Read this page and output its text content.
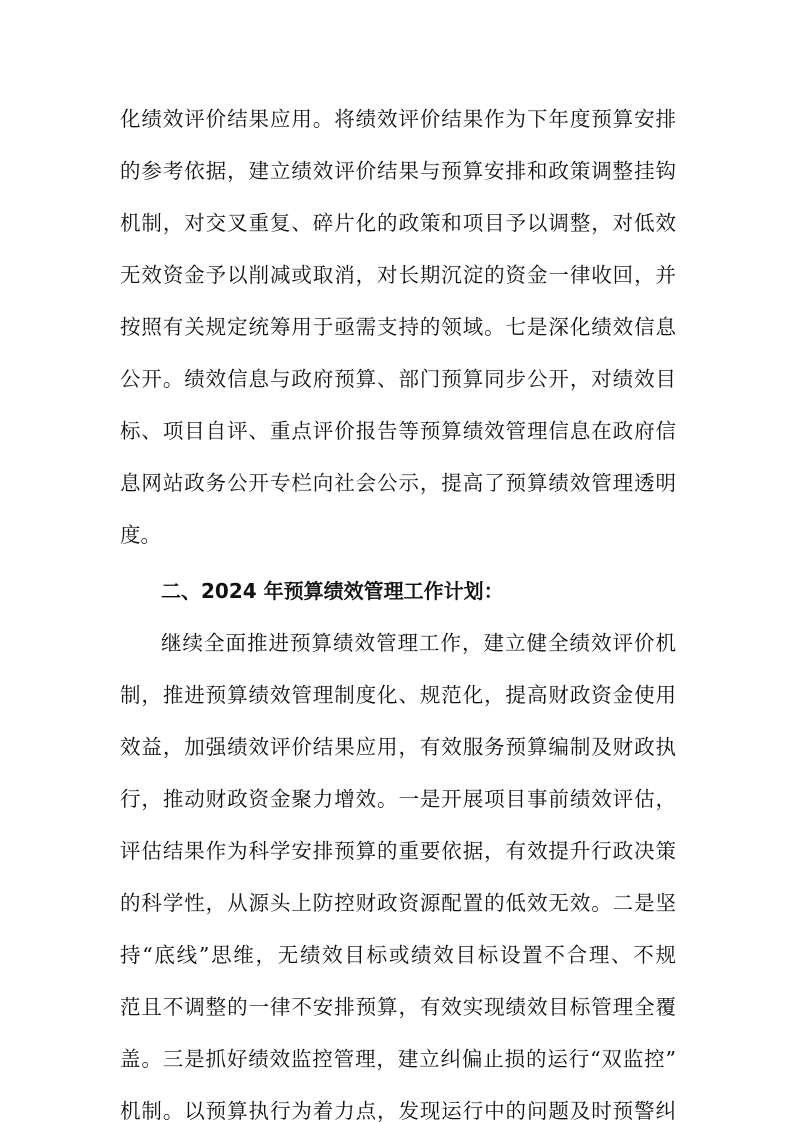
化绩效评价结果应用。将绩效评价结果作为下年度预算安排
的参考依据，建立绩效评价结果与预算安排和政策调整挂钩
机制，对交叉重复、碎片化的政策和项目予以调整，对低效
无效资金予以削减或取消，对长期沉淀的资金一律收回，并
按照有关规定统筹用于亟需支持的领域。七是深化绩效信息
公开。绩效信息与政府预算、部门预算同步公开，对绩效目
标、项目自评、重点评价报告等预算绩效管理信息在政府信
息网站政务公开专栏向社会公示，提高了预算绩效管理透明
度。
二、2024 年预算绩效管理工作计划：
继续全面推进预算绩效管理工作，建立健全绩效评价机
制，推进预算绩效管理制度化、规范化，提高财政资金使用
效益，加强绩效评价结果应用，有效服务预算编制及财政执
行，推动财政资金聚力增效。一是开展项目事前绩效评估，
评估结果作为科学安排预算的重要依据，有效提升行政决策
的科学性，从源头上防控财政资源配置的低效无效。二是坚
持“底线”思维，无绩效目标或绩效目标设置不合理、不规
范且不调整的一律不安排预算，有效实现绩效目标管理全覆
盖。三是抓好绩效监控管理，建立纠偏止损的运行“双监控”
机制。以预算执行为着力点，发现运行中的问题及时预警纠
